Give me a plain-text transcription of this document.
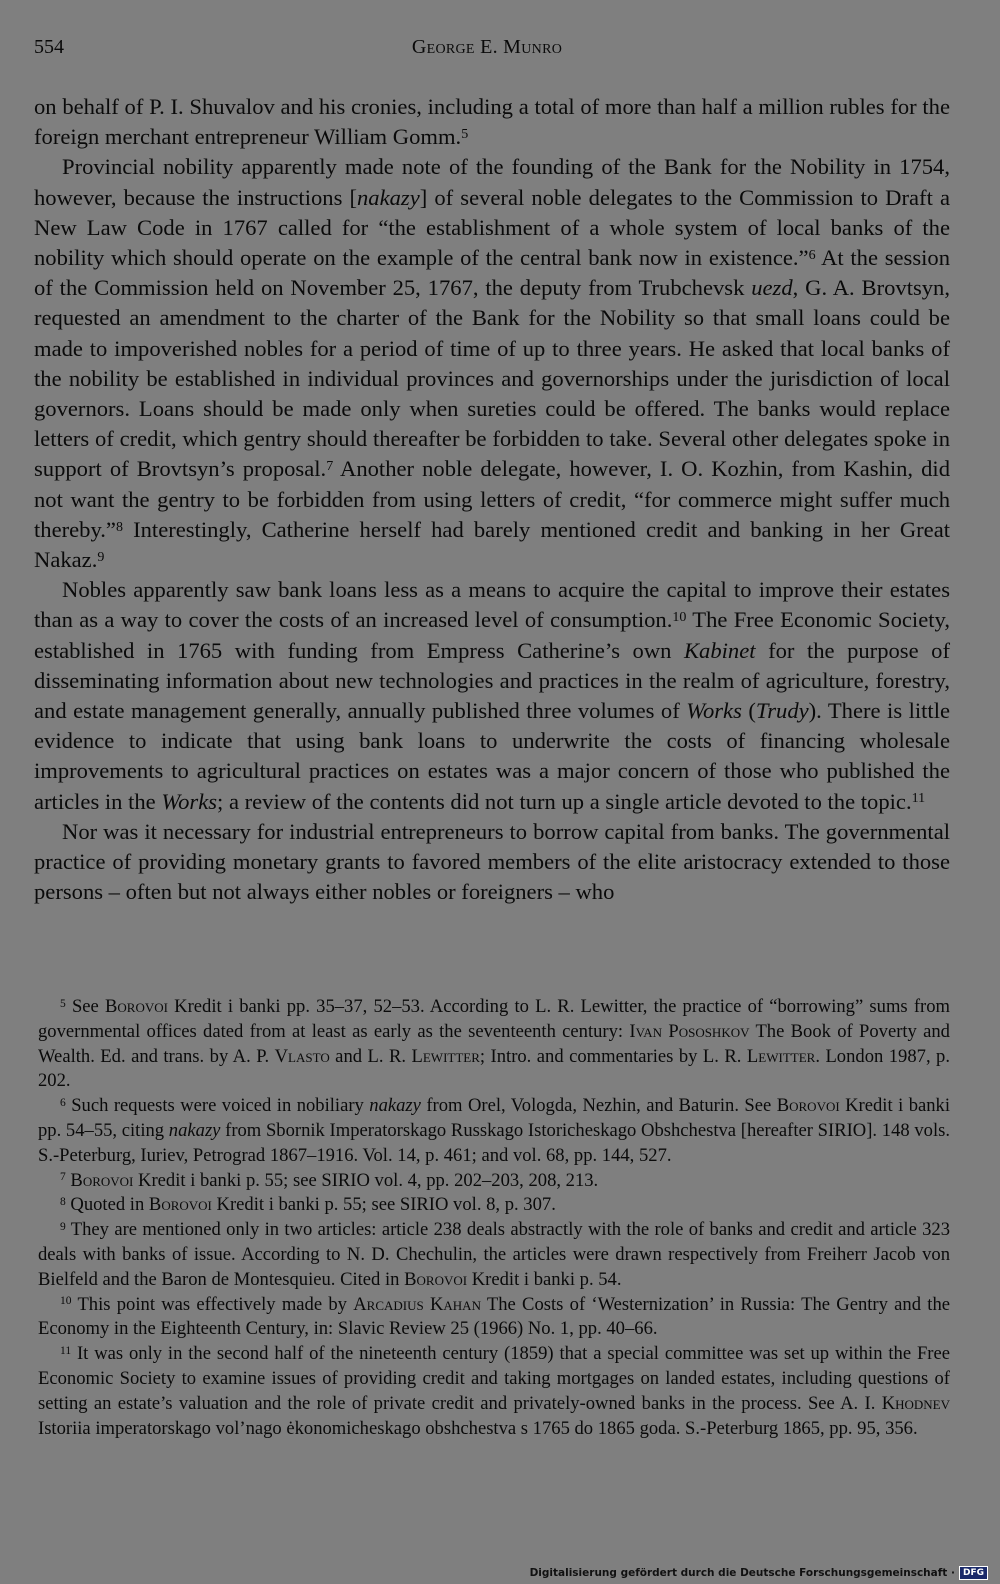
554	George E. Munro

on behalf of P. I. Shuvalov and his cronies, including a total of more than half a million rubles for the foreign merchant entrepreneur William Gomm.$^5$

Provincial nobility apparently made note of the founding of the Bank for the Nobility in 1754, however, because the instructions [nakazy] of several noble delegates to the Commission to Draft a New Law Code in 1767 called for “the establishment of a whole system of local banks of the nobility which should operate on the example of the central bank now in existence.”$^6$ At the session of the Commission held on November 25, 1767, the deputy from Trubchevsk uezd, G. A. Brovtsyn, requested an amendment to the charter of the Bank for the Nobility so that small loans could be made to impoverished nobles for a period of time of up to three years. He asked that local banks of the nobility be established in individual provinces and governorships under the jurisdiction of local governors. Loans should be made only when sureties could be offered. The banks would replace letters of credit, which gentry should thereafter be forbidden to take. Several other delegates spoke in support of Brovtsyn’s proposal.$^7$ Another noble delegate, however, I. O. Kozhin, from Kashin, did not want the gentry to be forbidden from using letters of credit, “for commerce might suffer much thereby.”$^8$ Interestingly, Catherine herself had barely mentioned credit and banking in her Great Nakaz.$^9$

Nobles apparently saw bank loans less as a means to acquire the capital to improve their estates than as a way to cover the costs of an increased level of consumption.$^{10}$ The Free Economic Society, established in 1765 with funding from Empress Catherine’s own Kabinet for the purpose of disseminating information about new technologies and practices in the realm of agriculture, forestry, and estate management generally, annually published three volumes of Works (Trudy). There is little evidence to indicate that using bank loans to underwrite the costs of financing wholesale improvements to agricultural practices on estates was a major concern of those who published the articles in the Works; a review of the contents did not turn up a single article devoted to the topic.$^{11}$

Nor was it necessary for industrial entrepreneurs to borrow capital from banks. The governmental practice of providing monetary grants to favored members of the elite aristocracy extended to those persons – often but not always either nobles or foreigners – who

$^5$ See Borovoi Kredit i banki pp. 35–37, 52–53. According to L. R. Lewitter, the practice of “borrowing” sums from governmental offices dated from at least as early as the seventeenth century: Ivan Pososhkov The Book of Poverty and Wealth. Ed. and trans. by A. P. Vlasto and L. R. Lewitter; Intro. and commentaries by L. R. Lewitter. London 1987, p. 202.

$^6$ Such requests were voiced in nobiliary nakazy from Orel, Vologda, Nezhin, and Baturin. See Borovoi Kredit i banki pp. 54–55, citing nakazy from Sbornik Imperatorskago Russkago Istoricheskago Obshchestva [hereafter SIRIO]. 148 vols. S.-Peterburg, Iuriev, Petrograd 1867–1916. Vol. 14, p. 461; and vol. 68, pp. 144, 527.

$^7$ Borovoi Kredit i banki p. 55; see SIRIO vol. 4, pp. 202–203, 208, 213.

$^8$ Quoted in Borovoi Kredit i banki p. 55; see SIRIO vol. 8, p. 307.

$^9$ They are mentioned only in two articles: article 238 deals abstractly with the role of banks and credit and article 323 deals with banks of issue. According to N. D. Chechulin, the articles were drawn respectively from Freiherr Jacob von Bielfeld and the Baron de Montesquieu. Cited in Borovoi Kredit i banki p. 54.

$^{10}$ This point was effectively made by Arcadius Kahan The Costs of ‘Westernization’ in Russia: The Gentry and the Economy in the Eighteenth Century, in: Slavic Review 25 (1966) No. 1, pp. 40–66.

$^{11}$ It was only in the second half of the nineteenth century (1859) that a special committee was set up within the Free Economic Society to examine issues of providing credit and taking mortgages on landed estates, including questions of setting an estate’s valuation and the role of private credit and privately-owned banks in the process. See A. I. Khodnev Istoriia imperatorskago vol’nago ėkonomicheskago obshchestva s 1765 do 1865 goda. S.-Peterburg 1865, pp. 95, 356.

Digitalisierung gefördert durch die Deutsche Forschungsgemeinschaft · DFG
